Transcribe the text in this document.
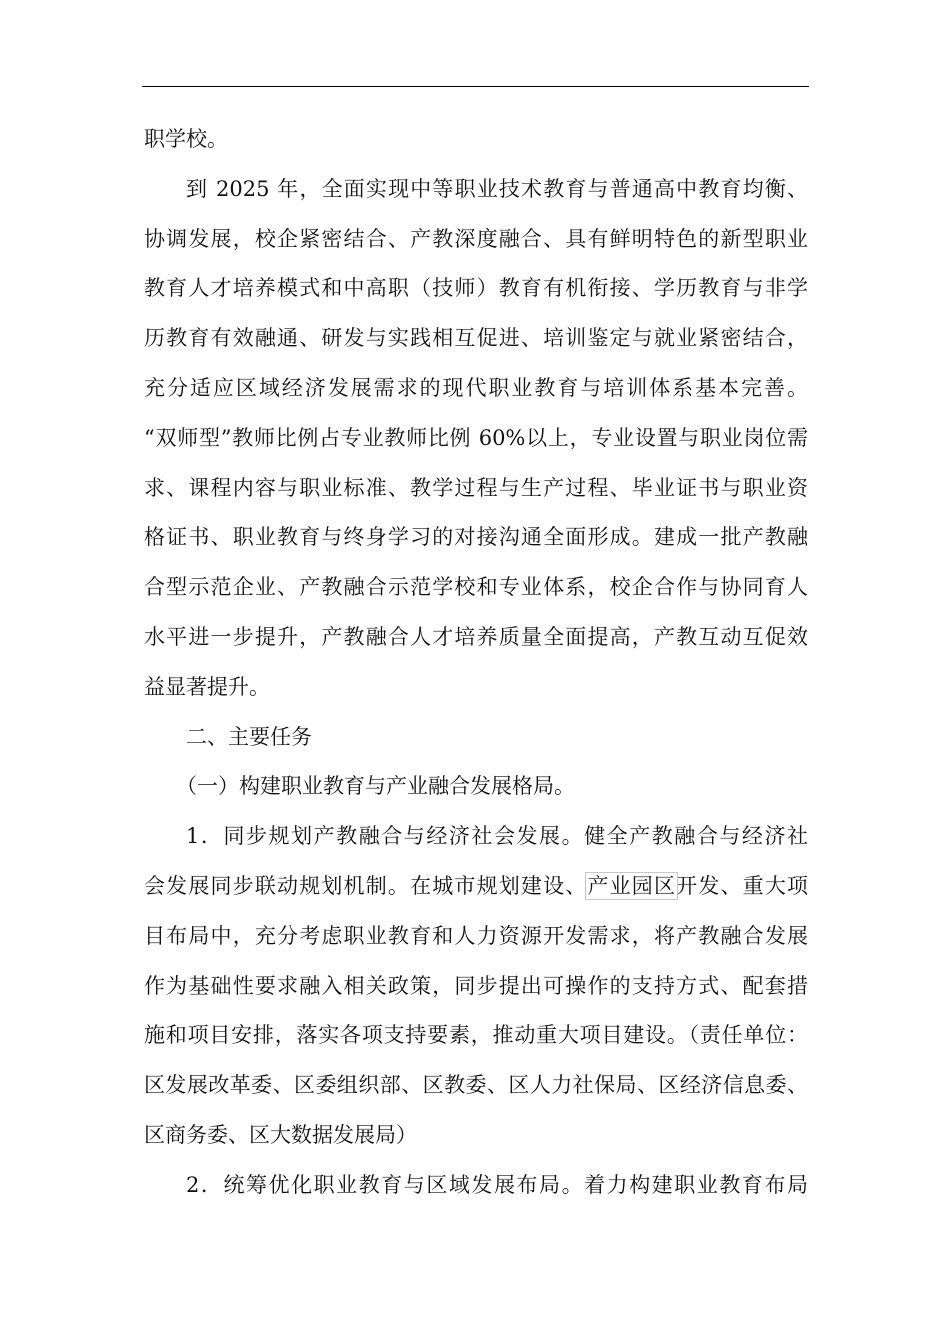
职学校。
到 2025 年，全面实现中等职业技术教育与普通高中教育均衡、
协调发展，校企紧密结合、产教深度融合、具有鲜明特色的新型职业
教育人才培养模式和中高职（技师）教育有机衔接、学历教育与非学
历教育有效融通、研发与实践相互促进、培训鉴定与就业紧密结合，
充分适应区域经济发展需求的现代职业教育与培训体系基本完善。
“双师型”教师比例占专业教师比例 60%以上，专业设置与职业岗位需
求、课程内容与职业标准、教学过程与生产过程、毕业证书与职业资
格证书、职业教育与终身学习的对接沟通全面形成。建成一批产教融
合型示范企业、产教融合示范学校和专业体系，校企合作与协同育人
水平进一步提升，产教融合人才培养质量全面提高，产教互动互促效
益显著提升。
二、主要任务
（一）构建职业教育与产业融合发展格局。
1．同步规划产教融合与经济社会发展。健全产教融合与经济社
会发展同步联动规划机制。在城市规划建设、产业园区开发、重大项
目布局中，充分考虑职业教育和人力资源开发需求，将产教融合发展
作为基础性要求融入相关政策，同步提出可操作的支持方式、配套措
施和项目安排，落实各项支持要素，推动重大项目建设。（责任单位：
区发展改革委、区委组织部、区教委、区人力社保局、区经济信息委、
区商务委、区大数据发展局）
2．统筹优化职业教育与区域发展布局。着力构建职业教育布局
